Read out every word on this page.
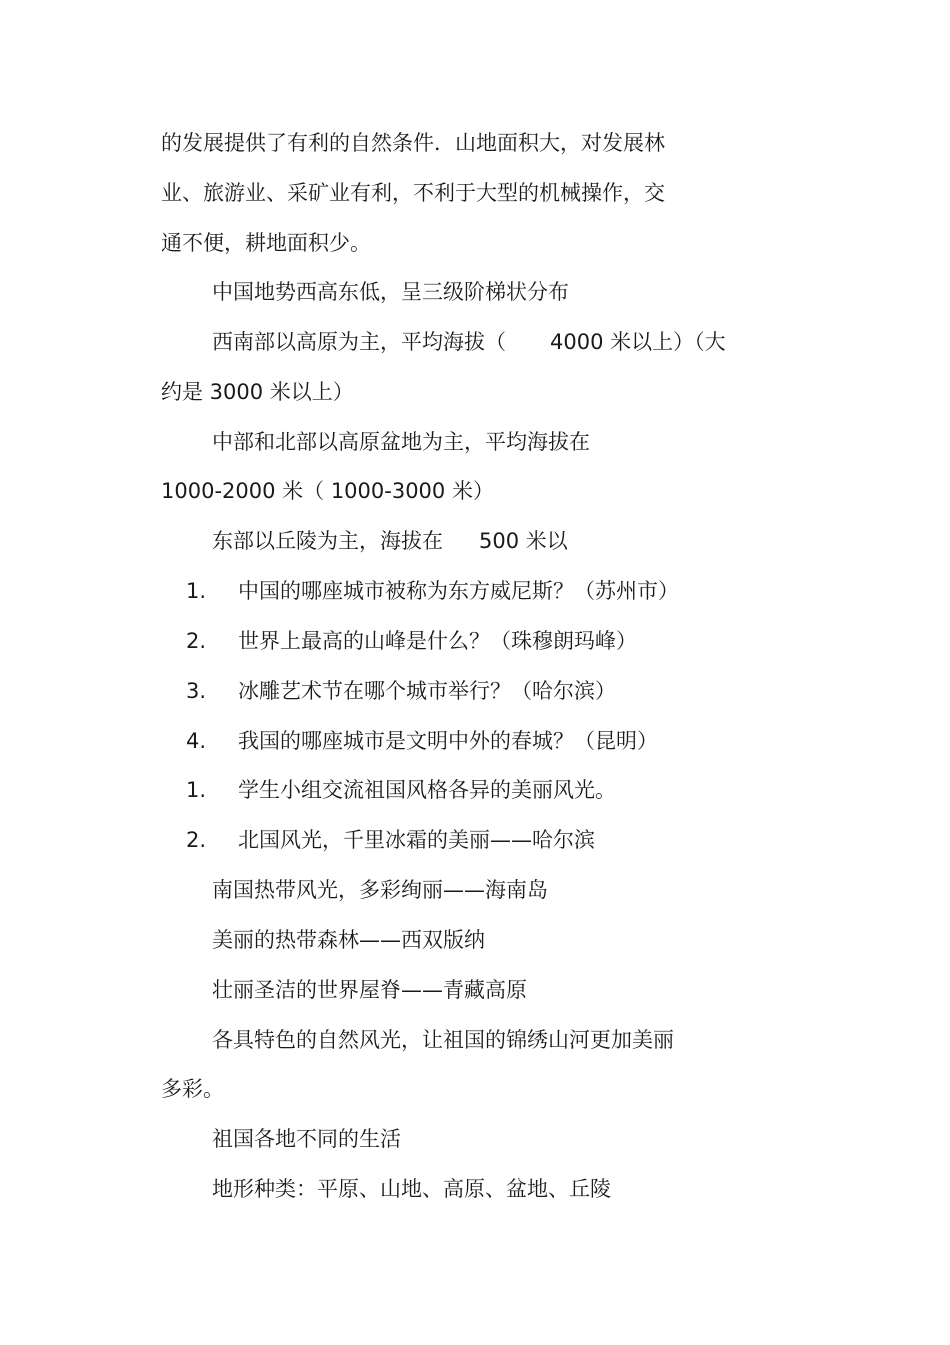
的发展提供了有利的自然条件．山地面积大，对发展林
业、旅游业、采矿业有利，不利于大型的机械操作，交
通不便，耕地面积少。
中国地势西高东低，呈三级阶梯状分布
西南部以高原为主，平均海拔（ 4000 米以上）（大
约是 3000 米以上）
中部和北部以高原盆地为主，平均海拔在
1000-2000 米（ 1000-3000 米）
东部以丘陵为主，海拔在 500 米以
1. 中国的哪座城市被称为东方威尼斯？（苏州市）
2. 世界上最高的山峰是什么？（珠穆朗玛峰）
3. 冰雕艺术节在哪个城市举行？（哈尔滨）
4. 我国的哪座城市是文明中外的春城？（昆明）
1. 学生小组交流祖国风格各异的美丽风光。
2. 北国风光，千里冰霜的美丽——哈尔滨
南国热带风光，多彩绚丽——海南岛
美丽的热带森林——西双版纳
壮丽圣洁的世界屋脊——青藏高原
各具特色的自然风光，让祖国的锦绣山河更加美丽
多彩。
祖国各地不同的生活
地形种类：平原、山地、高原、盆地、丘陵
